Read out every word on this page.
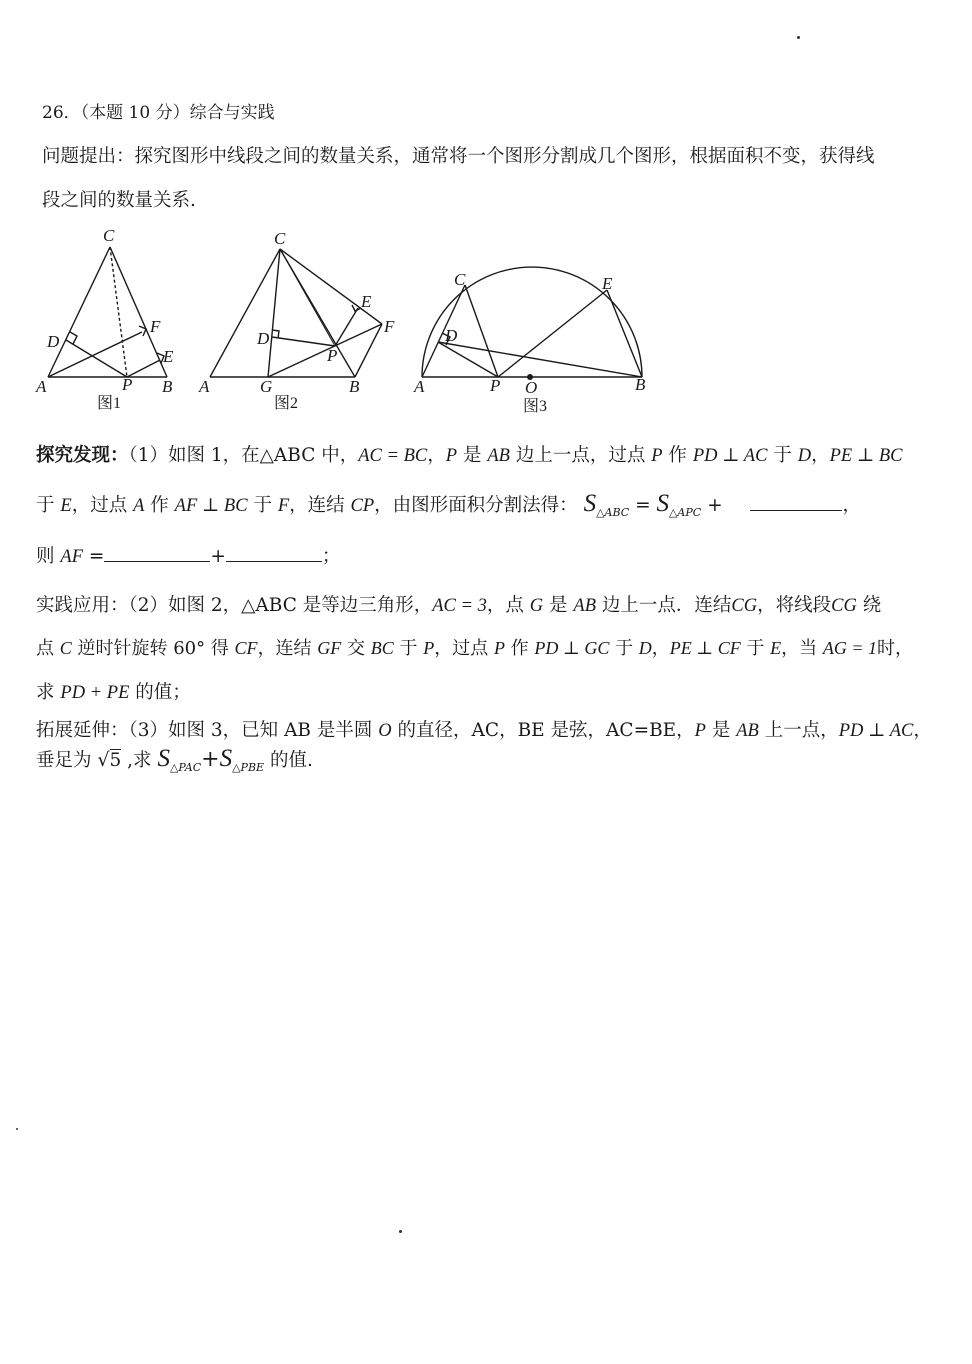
26．（本题 10 分）综合与实践
问题提出：探究图形中线段之间的数量关系，通常将一个图形分割成几个图形，根据面积不变，获得线
段之间的数量关系.
C
D
F
E
A	P B
图1
C
E
F
D
P
A	G	B
图2
C	E
D
A	P O	B
图3
探究发现：（1）如图 1，在△ABC 中，AC = BC，P 是 AB 边上一点，过点 P 作 PD ⊥ AC 于 D，PE ⊥ BC
于 E，过点 A 作 AF ⊥ BC 于 F，连结 CP，由图形面积分割法得： $S_{\triangle ABC} = S_{\triangle APC}$ +	，
则 AF =	+	；
实践应用：（2）如图 2，△ABC 是等边三角形，AC = 3，点 G 是 AB 边上一点．连结CG，将线段CG 绕
点 C 逆时针旋转 60° 得 CF，连结 GF 交 BC 于 P，过点 P 作 PD ⊥ GC 于 D，PE ⊥ CF 于 E，当 AG = 1时，
求 PD + PE 的值；
拓展延伸：（3）如图 3，已知 AB 是半圆 O 的直径，AC，BE 是弦，AC=BE，P 是 AB 上一点，PD ⊥ AC，
垂足为 √5 ,求 $S_{\triangle PAC}+S_{\triangle PBE}$ 的值.
